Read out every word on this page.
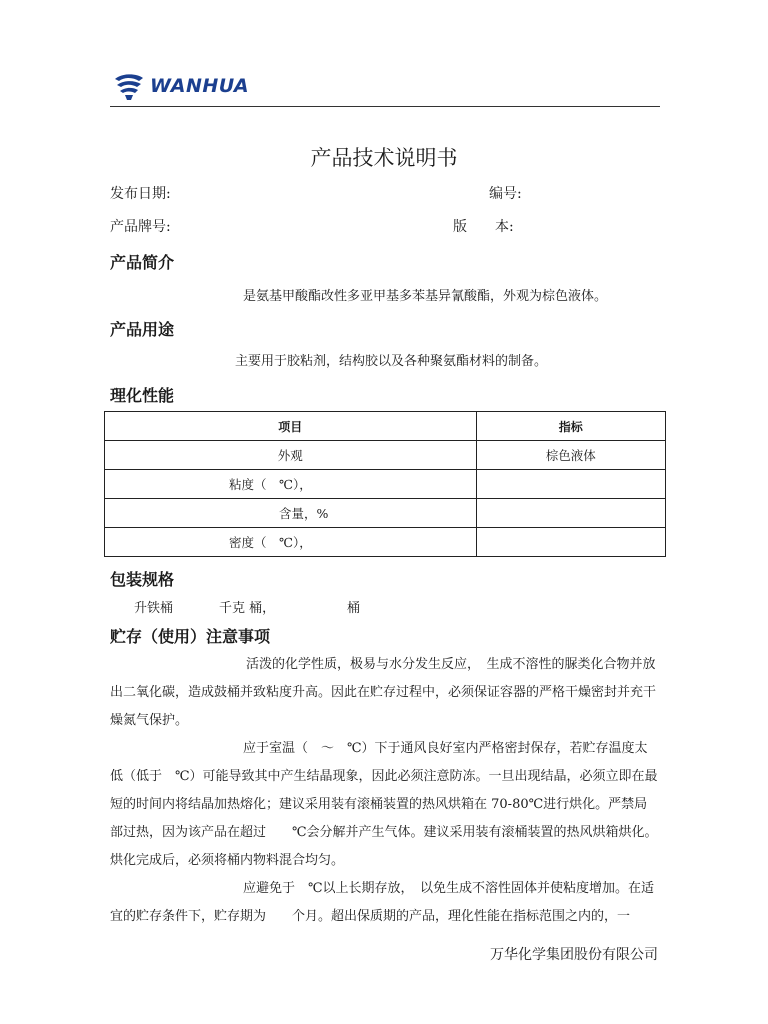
WANHUA
产品技术说明书
发布日期:	编号:
产品牌号:	版　　本:
产品简介
是氨基甲酸酯改性多亚甲基多苯基异氰酸酯，外观为棕色液体。
产品用途
主要用于胶粘剂，结构胶以及各种聚氨酯材料的制备。
理化性能
项目	指标
外观	棕色液体
粘度（　℃），	
含量，%	
密度（　℃），	
包装规格
升铁桶	千克 桶，	桶
贮存（使用）注意事项

活泼的化学性质，极易与水分发生反应，　生成不溶性的脲类化合物并放出二氧化碳，造成鼓桶并致粘度升高。因此在贮存过程中，必须保证容器的严格干燥密封并充干燥氮气保护。

应于室温（　～　℃）下于通风良好室内严格密封保存，若贮存温度太低（低于　℃）可能导致其中产生结晶现象，因此必须注意防冻。一旦出现结晶，必须立即在最短的时间内将结晶加热熔化；建议采用装有滚桶装置的热风烘箱在 70-80℃进行烘化。严禁局部过热，因为该产品在超过　　℃会分解并产生气体。建议采用装有滚桶装置的热风烘箱烘化。烘化完成后，必须将桶内物料混合均匀。

应避免于　℃以上长期存放，　以免生成不溶性固体并使粘度增加。在适宜的贮存条件下，贮存期为　　个月。超出保质期的产品，理化性能在指标范围之内的，一

万华化学集团股份有限公司
